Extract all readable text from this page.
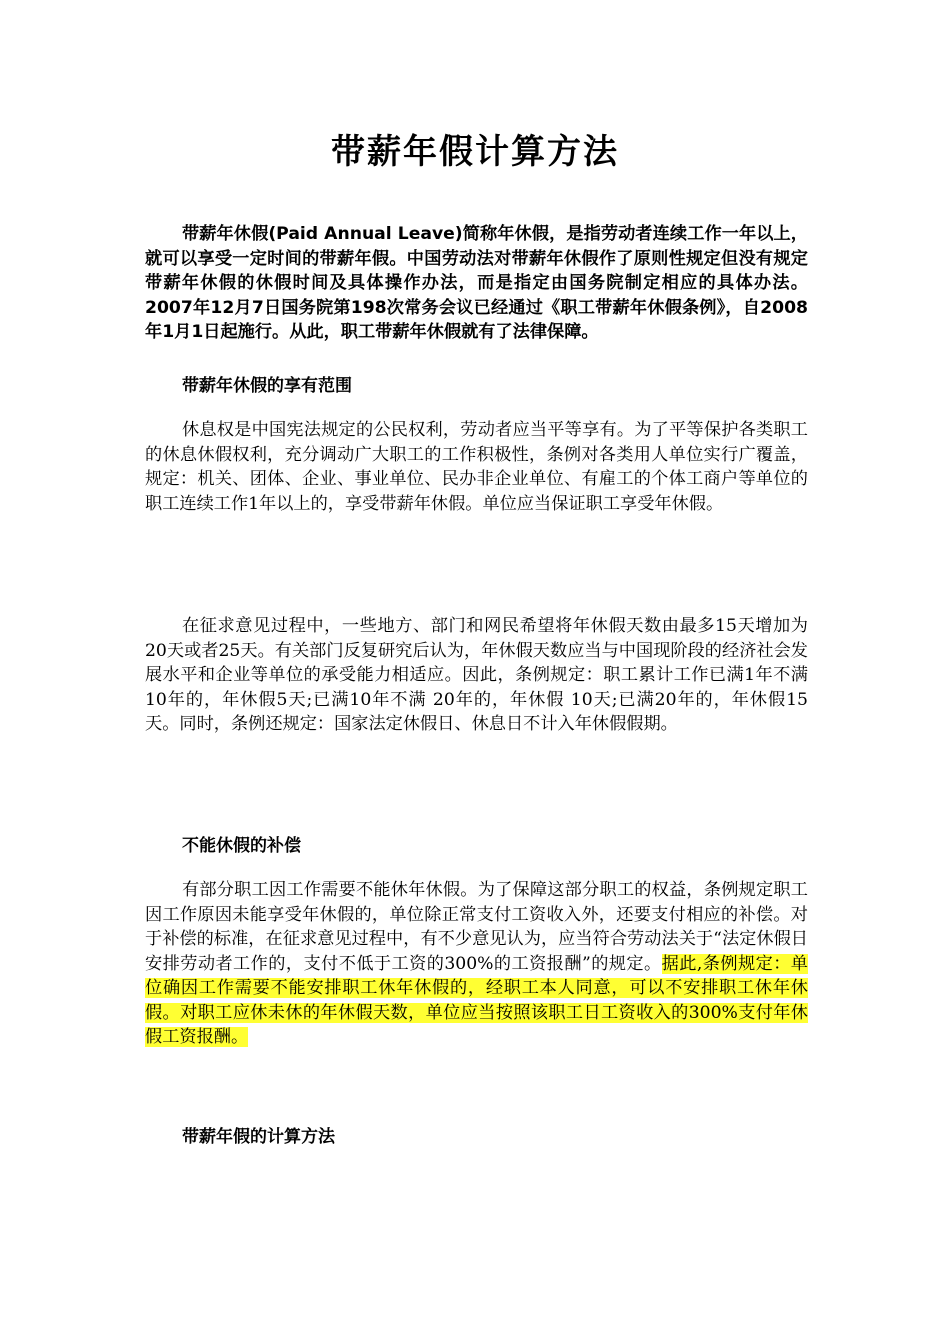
带薪年假计算方法

带薪年休假(Paid Annual Leave)简称年休假，是指劳动者连续工作一年以上，就可以享受一定时间的带薪年假。中国劳动法对带薪年休假作了原则性规定但没有规定带薪年休假的休假时间及具体操作办法，而是指定由国务院制定相应的具体办法。2007年12月7日国务院第198次常务会议已经通过《职工带薪年休假条例》，自2008 年1月1日起施行。从此，职工带薪年休假就有了法律保障。

带薪年休假的享有范围

休息权是中国宪法规定的公民权利，劳动者应当平等享有。为了平等保护各类职工的休息休假权利，充分调动广大职工的工作积极性，条例对各类用人单位实行广覆盖，规定：机关、团体、企业、事业单位、民办非企业单位、有雇工的个体工商户等单位的职工连续工作1年以上的，享受带薪年休假。单位应当保证职工享受年休假。

在征求意见过程中，一些地方、部门和网民希望将年休假天数由最多15天增加为20天或者25天。有关部门反复研究后认为，年休假天数应当与中国现阶段的经济社会发展水平和企业等单位的承受能力相适应。因此，条例规定：职工累计工作已满1年不满10年的，年休假5天;已满10年不满 20年的，年休假 10天;已满20年的，年休假15天。同时，条例还规定：国家法定休假日、休息日不计入年休假假期。

不能休假的补偿

有部分职工因工作需要不能休年休假。为了保障这部分职工的权益，条例规定职工因工作原因未能享受年休假的，单位除正常支付工资收入外，还要支付相应的补偿。对于补偿的标准，在征求意见过程中，有不少意见认为，应当符合劳动法关于“法定休假日安排劳动者工作的，支付不低于工资的300%的工资报酬”的规定。据此,条例规定：单位确因工作需要不能安排职工休年休假的，经职工本人同意，可以不安排职工休年休假。对职工应休未休的年休假天数，单位应当按照该职工日工资收入的300%支付年休假工资报酬。

带薪年假的计算方法
